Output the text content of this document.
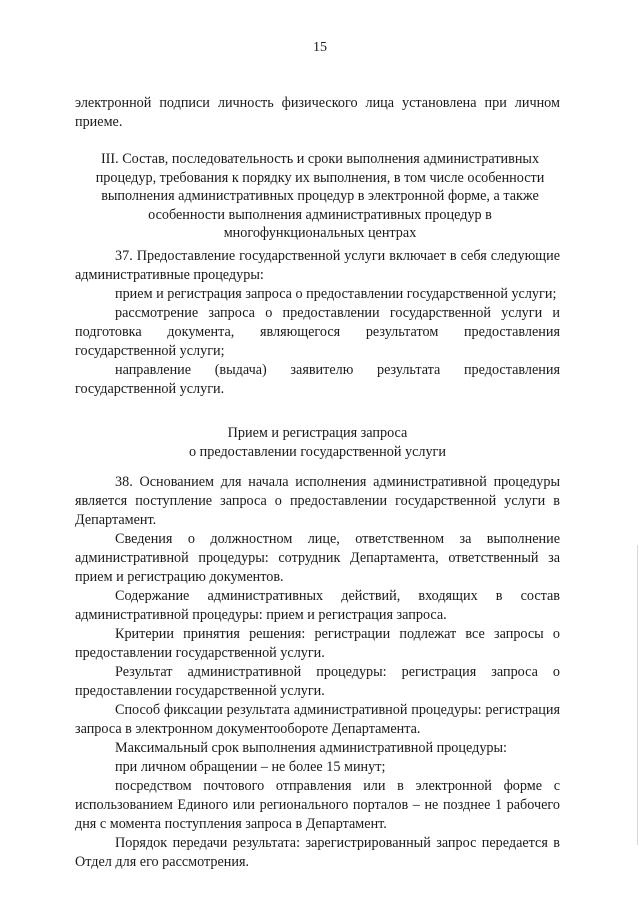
15

электронной подписи личность физического лица установлена при личном приеме.

III. Состав, последовательность и сроки выполнения административных процедур, требования к порядку их выполнения, в том числе особенности выполнения административных процедур в электронной форме, а также особенности выполнения административных процедур в многофункциональных центрах

37. Предоставление государственной услуги включает в себя следующие административные процедуры:

прием и регистрация запроса о предоставлении государственной услуги;

рассмотрение запроса о предоставлении государственной услуги и подготовка документа, являющегося результатом предоставления государственной услуги;

направление (выдача) заявителю результата предоставления государственной услуги.

Прием и регистрация запроса

о предоставлении государственной услуги

38. Основанием для начала исполнения административной процедуры является поступление запроса о предоставлении государственной услуги в Департамент.

Сведения о должностном лице, ответственном за выполнение административной процедуры: сотрудник Департамента, ответственный за прием и регистрацию документов.

Содержание административных действий, входящих в состав административной процедуры: прием и регистрация запроса.

Критерии принятия решения: регистрации подлежат все запросы о предоставлении государственной услуги.

Результат административной процедуры: регистрация запроса о предоставлении государственной услуги.

Способ фиксации результата административной процедуры: регистрация запроса в электронном документообороте Департамента.

Максимальный срок выполнения административной процедуры:

при личном обращении – не более 15 минут;

посредством почтового отправления или в электронной форме с использованием Единого или регионального порталов – не позднее 1 рабочего дня с момента поступления запроса в Департамент.

Порядок передачи результата: зарегистрированный запрос передается в Отдел для его рассмотрения.
